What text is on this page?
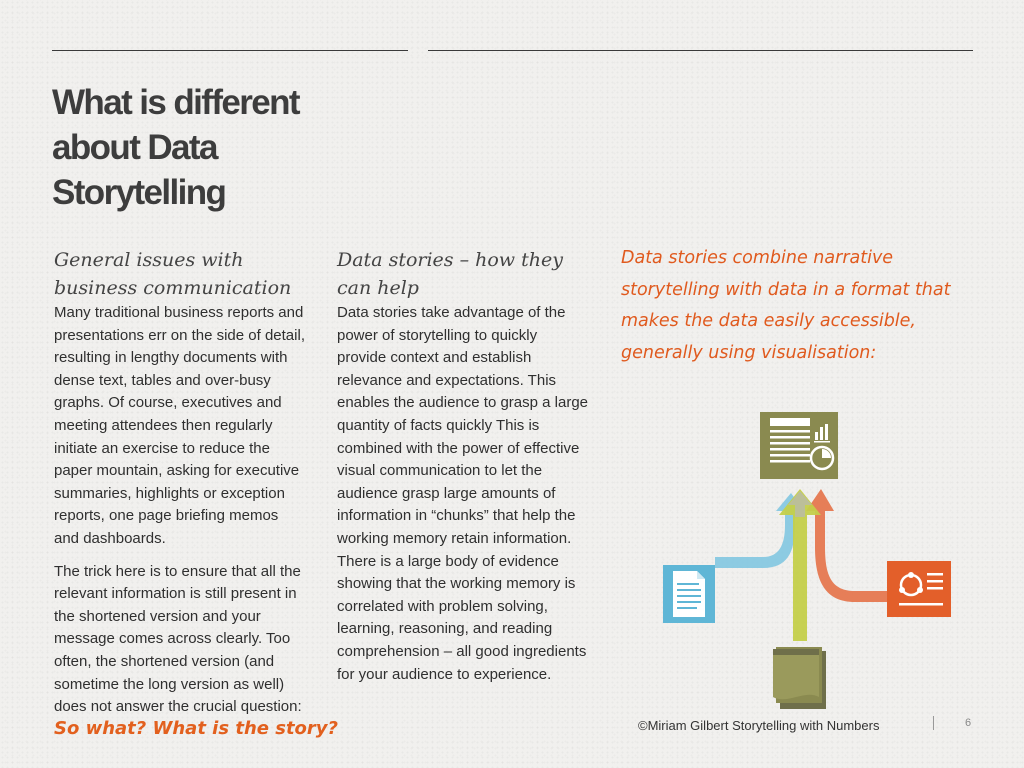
What is different
about Data
Storytelling

General issues with
business communication

Many traditional business reports and
presentations err on the side of detail,
resulting in lengthy documents with
dense text, tables and over-busy
graphs. Of course, executives and
meeting attendees then regularly
initiate an exercise to reduce the
paper mountain, asking for executive
summaries, highlights or exception
reports, one page briefing memos
and dashboards.

The trick here is to ensure that all the
relevant information is still present in
the shortened version and your
message comes across clearly. Too
often, the shortened version (and
sometime the long version as well)
does not answer the crucial question:

So what? What is the story?

Data stories – how they
can help

Data stories take advantage of the
power of storytelling to quickly
provide context and establish
relevance and expectations. This
enables the audience to grasp a large
quantity of facts quickly This is
combined with the power of effective
visual communication to let the
audience grasp large amounts of
information in “chunks” that help the
working memory retain information.
There is a large body of evidence
showing that the working memory is
correlated with problem solving,
learning, reasoning, and reading
comprehension – all good ingredients
for your audience to experience.

Data stories combine narrative
storytelling with data in a format that
makes the data easily accessible,
generally using visualisation:
©Miriam Gilbert Storytelling with Numbers	6
